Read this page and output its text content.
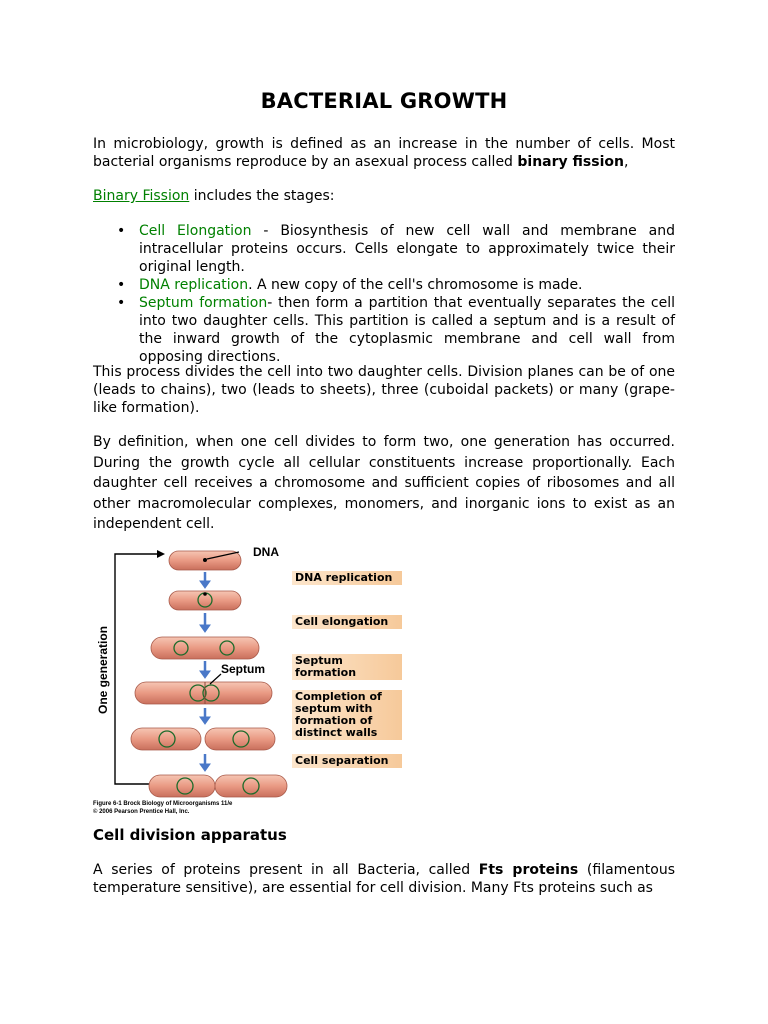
BACTERIAL GROWTH

In microbiology, growth is defined as an increase in the number of cells. Most bacterial organisms reproduce by an asexual process called binary fission,

Binary Fission includes the stages:

• Cell Elongation - Biosynthesis of new cell wall and membrane and intracellular proteins occurs. Cells elongate to approximately twice their original length.
• DNA replication. A new copy of the cell's chromosome is made.
• Septum formation- then form a partition that eventually separates the cell into two daughter cells. This partition is called a septum and is a result of the inward growth of the cytoplasmic membrane and cell wall from opposing directions.

This process divides the cell into two daughter cells. Division planes can be of one (leads to chains), two (leads to sheets), three (cuboidal packets) or many (grape-like formation).

By definition, when one cell divides to form two, one generation has occurred. During the growth cycle all cellular constituents increase proportionally. Each daughter cell receives a chromosome and sufficient copies of ribosomes and all other macromolecular complexes, monomers, and inorganic ions to exist as an independent cell.

One generation
DNA
Septum
Figure 6-1 Brock Biology of Microorganisms 11/e
© 2006 Pearson Prentice Hall, Inc.
DNA replication
Cell elongation
Septum formation
Completion of septum with formation of distinct walls
Cell separation
Cell division apparatus

A series of proteins present in all Bacteria, called Fts proteins (filamentous temperature sensitive), are essential for cell division. Many Fts proteins such as
